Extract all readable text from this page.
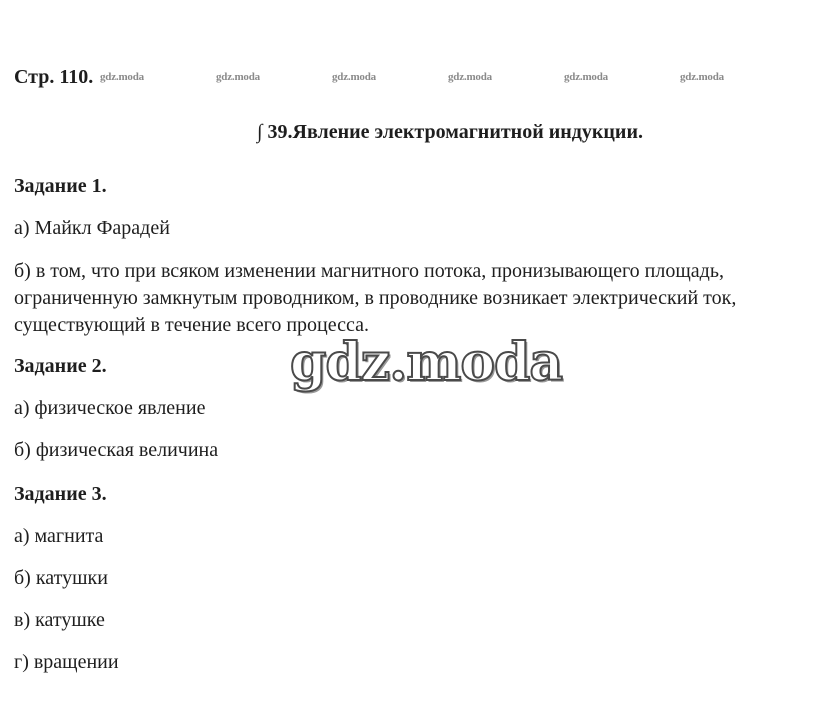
Стр. 110. gdz.moda	gdz.moda	gdz.moda	gdz.moda	gdz.moda	gdz.moda
∫ 39.Явление электромагнитной индукции.
Задание 1.
а) Майкл Фарадей
б) в том, что при всяком изменении магнитного потока, пронизывающего площадь, ограниченную замкнутым проводником, в проводнике возникает электрический ток, существующий в течение всего процесса.
Задание 2.
а) физическое явление
б) физическая величина
Задание 3.
а) магнита
б) катушки
в) катушке
г) вращении
gdz.moda
